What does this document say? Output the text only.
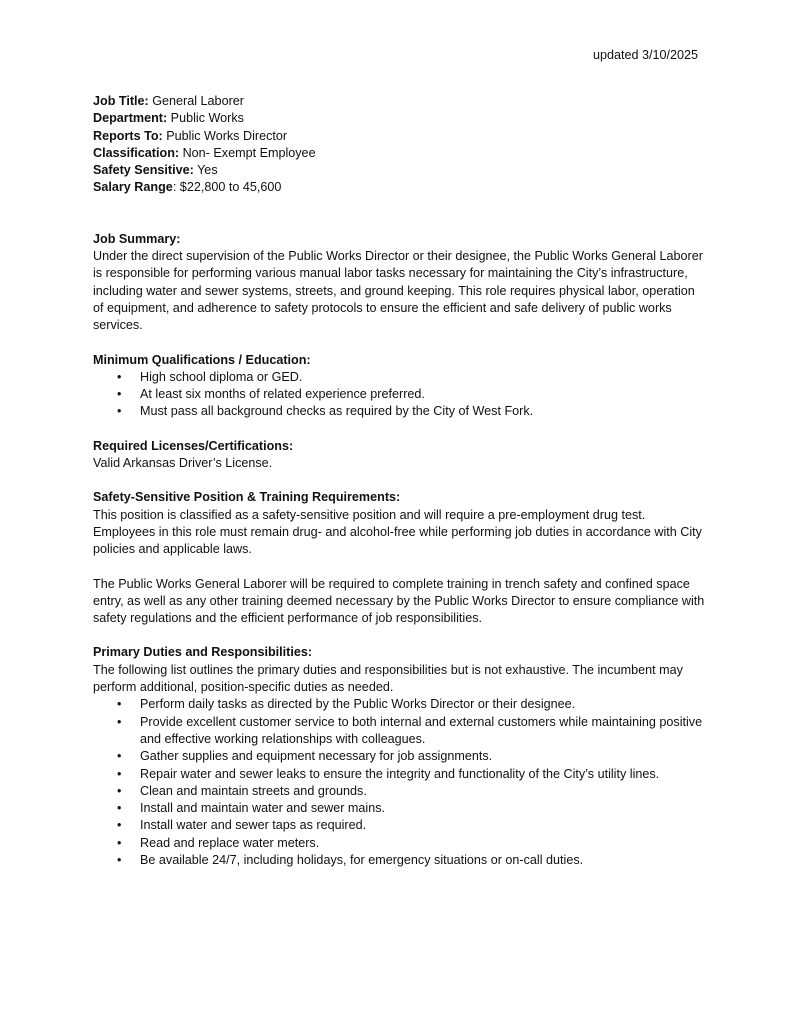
updated 3/10/2025

Job Title: General Laborer

Department: Public Works

Reports To: Public Works Director

Classification: Non- Exempt Employee

Safety Sensitive: Yes

Salary Range: $22,800 to 45,600

Job Summary:

Under the direct supervision of the Public Works Director or their designee, the Public Works General Laborer is responsible for performing various manual labor tasks necessary for maintaining the City’s infrastructure, including water and sewer systems, streets, and ground keeping. This role requires physical labor, operation of equipment, and adherence to safety protocols to ensure the efficient and safe delivery of public works services.

Minimum Qualifications / Education:

• High school diploma or GED.
• At least six months of related experience preferred.
• Must pass all background checks as required by the City of West Fork.

Required Licenses/Certifications:

Valid Arkansas Driver’s License.

Safety-Sensitive Position & Training Requirements:

This position is classified as a safety-sensitive position and will require a pre-employment drug test. Employees in this role must remain drug- and alcohol-free while performing job duties in accordance with City policies and applicable laws.

The Public Works General Laborer will be required to complete training in trench safety and confined space entry, as well as any other training deemed necessary by the Public Works Director to ensure compliance with safety regulations and the efficient performance of job responsibilities.

Primary Duties and Responsibilities:

The following list outlines the primary duties and responsibilities but is not exhaustive. The incumbent may perform additional, position-specific duties as needed.

• Perform daily tasks as directed by the Public Works Director or their designee.
• Provide excellent customer service to both internal and external customers while maintaining positive and effective working relationships with colleagues.
• Gather supplies and equipment necessary for job assignments.
• Repair water and sewer leaks to ensure the integrity and functionality of the City’s utility lines.
• Clean and maintain streets and grounds.
• Install and maintain water and sewer mains.
• Install water and sewer taps as required.
• Read and replace water meters.
• Be available 24/7, including holidays, for emergency situations or on-call duties.
